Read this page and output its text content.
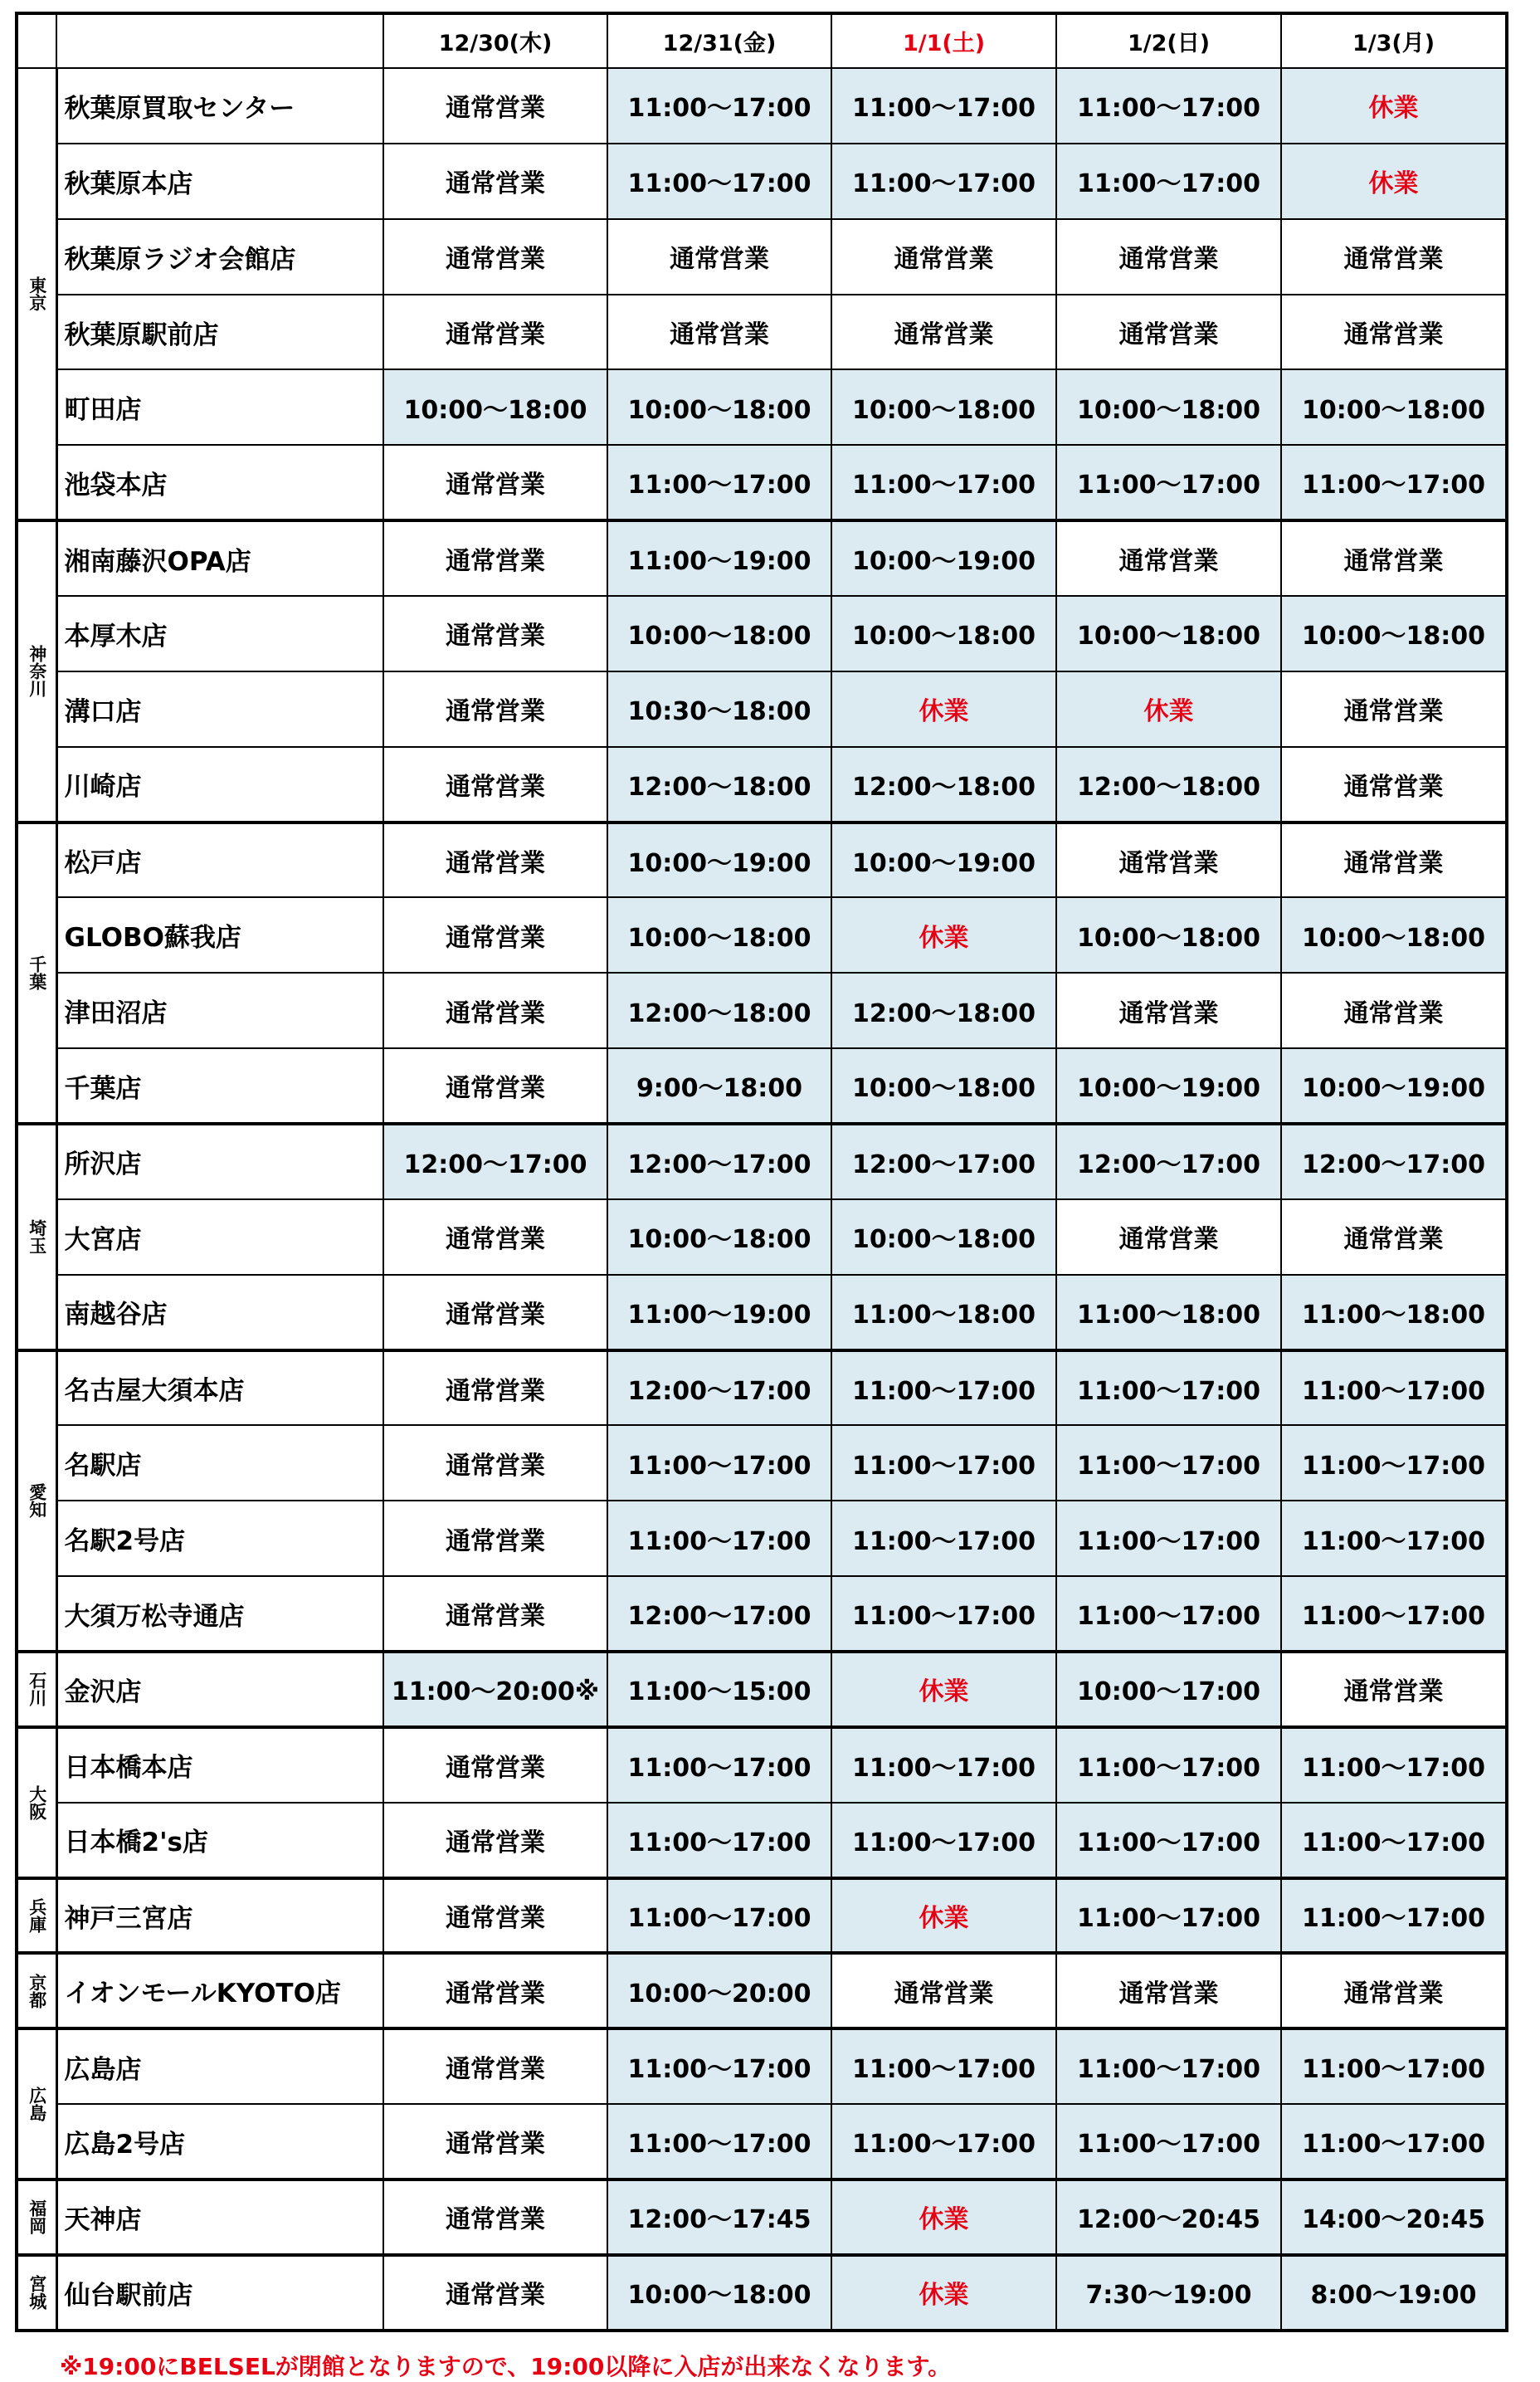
		12/30(木)	12/31(金)	1/1(土)	1/2(日)	1/3(月)
東京	秋葉原買取センター	通常営業	11:00〜17:00	11:00〜17:00	11:00〜17:00	休業
	秋葉原本店	通常営業	11:00〜17:00	11:00〜17:00	11:00〜17:00	休業
	秋葉原ラジオ会館店	通常営業	通常営業	通常営業	通常営業	通常営業
	秋葉原駅前店	通常営業	通常営業	通常営業	通常営業	通常営業
	町田店	10:00〜18:00	10:00〜18:00	10:00〜18:00	10:00〜18:00	10:00〜18:00
	池袋本店	通常営業	11:00〜17:00	11:00〜17:00	11:00〜17:00	11:00〜17:00
神奈川	湘南藤沢OPA店	通常営業	11:00〜19:00	10:00〜19:00	通常営業	通常営業
	本厚木店	通常営業	10:00〜18:00	10:00〜18:00	10:00〜18:00	10:00〜18:00
	溝口店	通常営業	10:30〜18:00	休業	休業	通常営業
	川崎店	通常営業	12:00〜18:00	12:00〜18:00	12:00〜18:00	通常営業
千葉	松戸店	通常営業	10:00〜19:00	10:00〜19:00	通常営業	通常営業
	GLOBO蘇我店	通常営業	10:00〜18:00	休業	10:00〜18:00	10:00〜18:00
	津田沼店	通常営業	12:00〜18:00	12:00〜18:00	通常営業	通常営業
	千葉店	通常営業	9:00〜18:00	10:00〜18:00	10:00〜19:00	10:00〜19:00
埼玉	所沢店	12:00〜17:00	12:00〜17:00	12:00〜17:00	12:00〜17:00	12:00〜17:00
	大宮店	通常営業	10:00〜18:00	10:00〜18:00	通常営業	通常営業
	南越谷店	通常営業	11:00〜19:00	11:00〜18:00	11:00〜18:00	11:00〜18:00
愛知	名古屋大須本店	通常営業	12:00〜17:00	11:00〜17:00	11:00〜17:00	11:00〜17:00
	名駅店	通常営業	11:00〜17:00	11:00〜17:00	11:00〜17:00	11:00〜17:00
	名駅2号店	通常営業	11:00〜17:00	11:00〜17:00	11:00〜17:00	11:00〜17:00
	大須万松寺通店	通常営業	12:00〜17:00	11:00〜17:00	11:00〜17:00	11:00〜17:00
石川	金沢店	11:00〜20:00※	11:00〜15:00	休業	10:00〜17:00	通常営業
大阪	日本橋本店	通常営業	11:00〜17:00	11:00〜17:00	11:00〜17:00	11:00〜17:00
	日本橋2's店	通常営業	11:00〜17:00	11:00〜17:00	11:00〜17:00	11:00〜17:00
兵庫	神戸三宮店	通常営業	11:00〜17:00	休業	11:00〜17:00	11:00〜17:00
京都	イオンモールKYOTO店	通常営業	10:00〜20:00	通常営業	通常営業	通常営業
広島	広島店	通常営業	11:00〜17:00	11:00〜17:00	11:00〜17:00	11:00〜17:00
	広島2号店	通常営業	11:00〜17:00	11:00〜17:00	11:00〜17:00	11:00〜17:00
福岡	天神店	通常営業	12:00〜17:45	休業	12:00〜20:45	14:00〜20:45
宮城	仙台駅前店	通常営業	10:00〜18:00	休業	7:30〜19:00	8:00〜19:00

※19:00にBELSELが閉館となりますので、19:00以降に入店が出来なくなります。
